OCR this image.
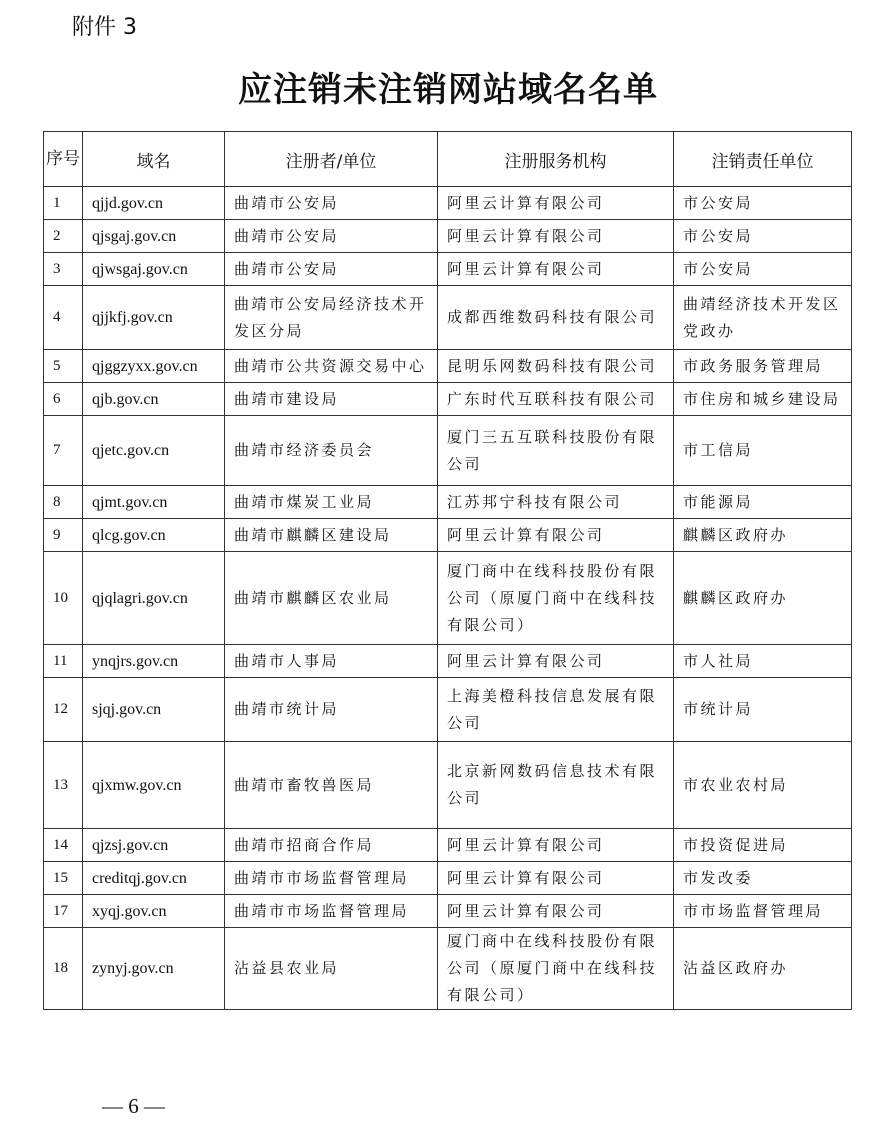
附件 3
应注销未注销网站域名名单
序号	域名	注册者/单位	注册服务机构	注销责任单位
1	qjjd.gov.cn	曲靖市公安局	阿里云计算有限公司	市公安局
2	qjsgaj.gov.cn	曲靖市公安局	阿里云计算有限公司	市公安局
3	qjwsgaj.gov.cn	曲靖市公安局	阿里云计算有限公司	市公安局
4	qjjkfj.gov.cn	曲靖市公安局经济技术开发区分局	成都西维数码科技有限公司	曲靖经济技术开发区党政办
5	qjggzyxx.gov.cn	曲靖市公共资源交易中心	昆明乐网数码科技有限公司	市政务服务管理局
6	qjb.gov.cn	曲靖市建设局	广东时代互联科技有限公司	市住房和城乡建设局
7	qjetc.gov.cn	曲靖市经济委员会	厦门三五互联科技股份有限公司	市工信局
8	qjmt.gov.cn	曲靖市煤炭工业局	江苏邦宁科技有限公司	市能源局
9	qlcg.gov.cn	曲靖市麒麟区建设局	阿里云计算有限公司	麒麟区政府办
10	qjqlagri.gov.cn	曲靖市麒麟区农业局	厦门商中在线科技股份有限公司（原厦门商中在线科技有限公司）	麒麟区政府办
11	ynqjrs.gov.cn	曲靖市人事局	阿里云计算有限公司	市人社局
12	sjqj.gov.cn	曲靖市统计局	上海美橙科技信息发展有限公司	市统计局
13	qjxmw.gov.cn	曲靖市畜牧兽医局	北京新网数码信息技术有限公司	市农业农村局
14	qjzsj.gov.cn	曲靖市招商合作局	阿里云计算有限公司	市投资促进局
15	creditqj.gov.cn	曲靖市市场监督管理局	阿里云计算有限公司	市发改委
17	xyqj.gov.cn	曲靖市市场监督管理局	阿里云计算有限公司	市市场监督管理局
18	zynyj.gov.cn	沾益县农业局	厦门商中在线科技股份有限公司（原厦门商中在线科技有限公司）	沾益区政府办
— 6 —
